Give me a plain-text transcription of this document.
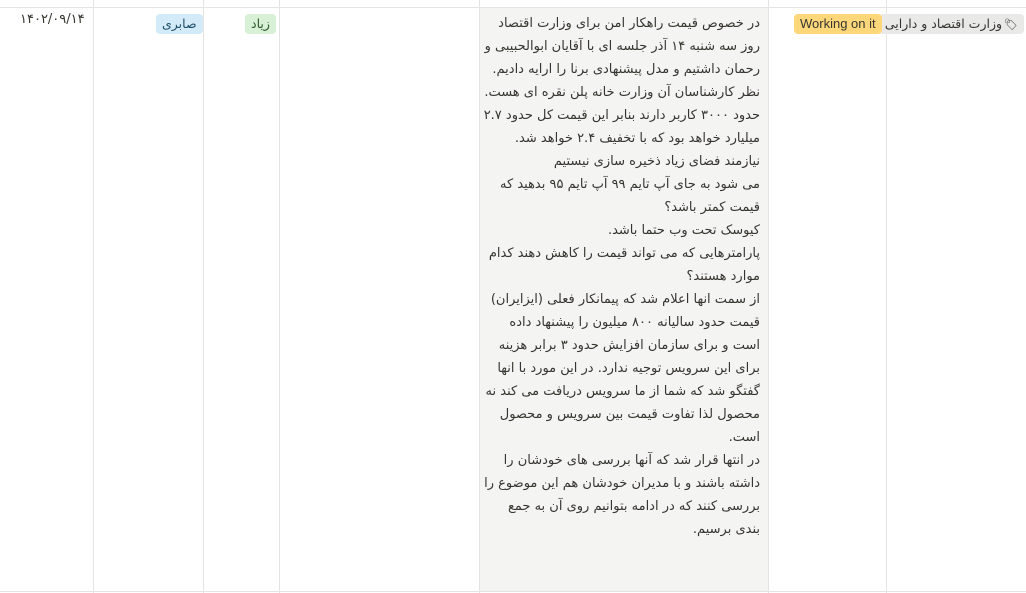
🏷وزارت اقتصاد و دارایی
Working on it
در خصوص قیمت راهکار امن برای وزارت اقتصاد روز سه شنبه ۱۴ آذر جلسه ای با آقایان ابوالحبیبی و رحمان داشتیم و مدل پیشنهادی برنا را ارایه دادیم.
نظر کارشناسان آن وزارت خانه پلن نقره ای هست.
حدود ۳۰۰۰ کاربر دارند بنابر این قیمت کل حدود ۲.۷ میلیارد خواهد بود که با تخفیف ۲.۴ خواهد شد.
نیازمند فضای زیاد ذخیره سازی نیستیم
می شود به جای آپ تایم ۹۹ آپ تایم ۹۵ بدهید که قیمت کمتر باشد؟
کیوسک تحت وب حتما باشد.
پارامترهایی که می تواند قیمت را کاهش دهند کدام موارد هستند؟
از سمت انها اعلام شد که پیمانکار فعلی (ایزایران) قیمت حدود سالیانه ۸۰۰ میلیون را پیشنهاد داده است و برای سازمان افزایش حدود ۳ برابر هزینه برای این سرویس توجیه ندارد. در این مورد با انها گفتگو شد که شما از ما سرویس دریافت می کند نه محصول لذا تفاوت قیمت بین سرویس و محصول است.
در انتها قرار شد که آنها بررسی های خودشان را داشته باشند و با مدیران خودشان هم این موضوع را بررسی کنند که در ادامه بتوانیم روی آن به جمع بندی برسیم.
زیاد
صابری
۱۴۰۲/۰۹/۱۴
